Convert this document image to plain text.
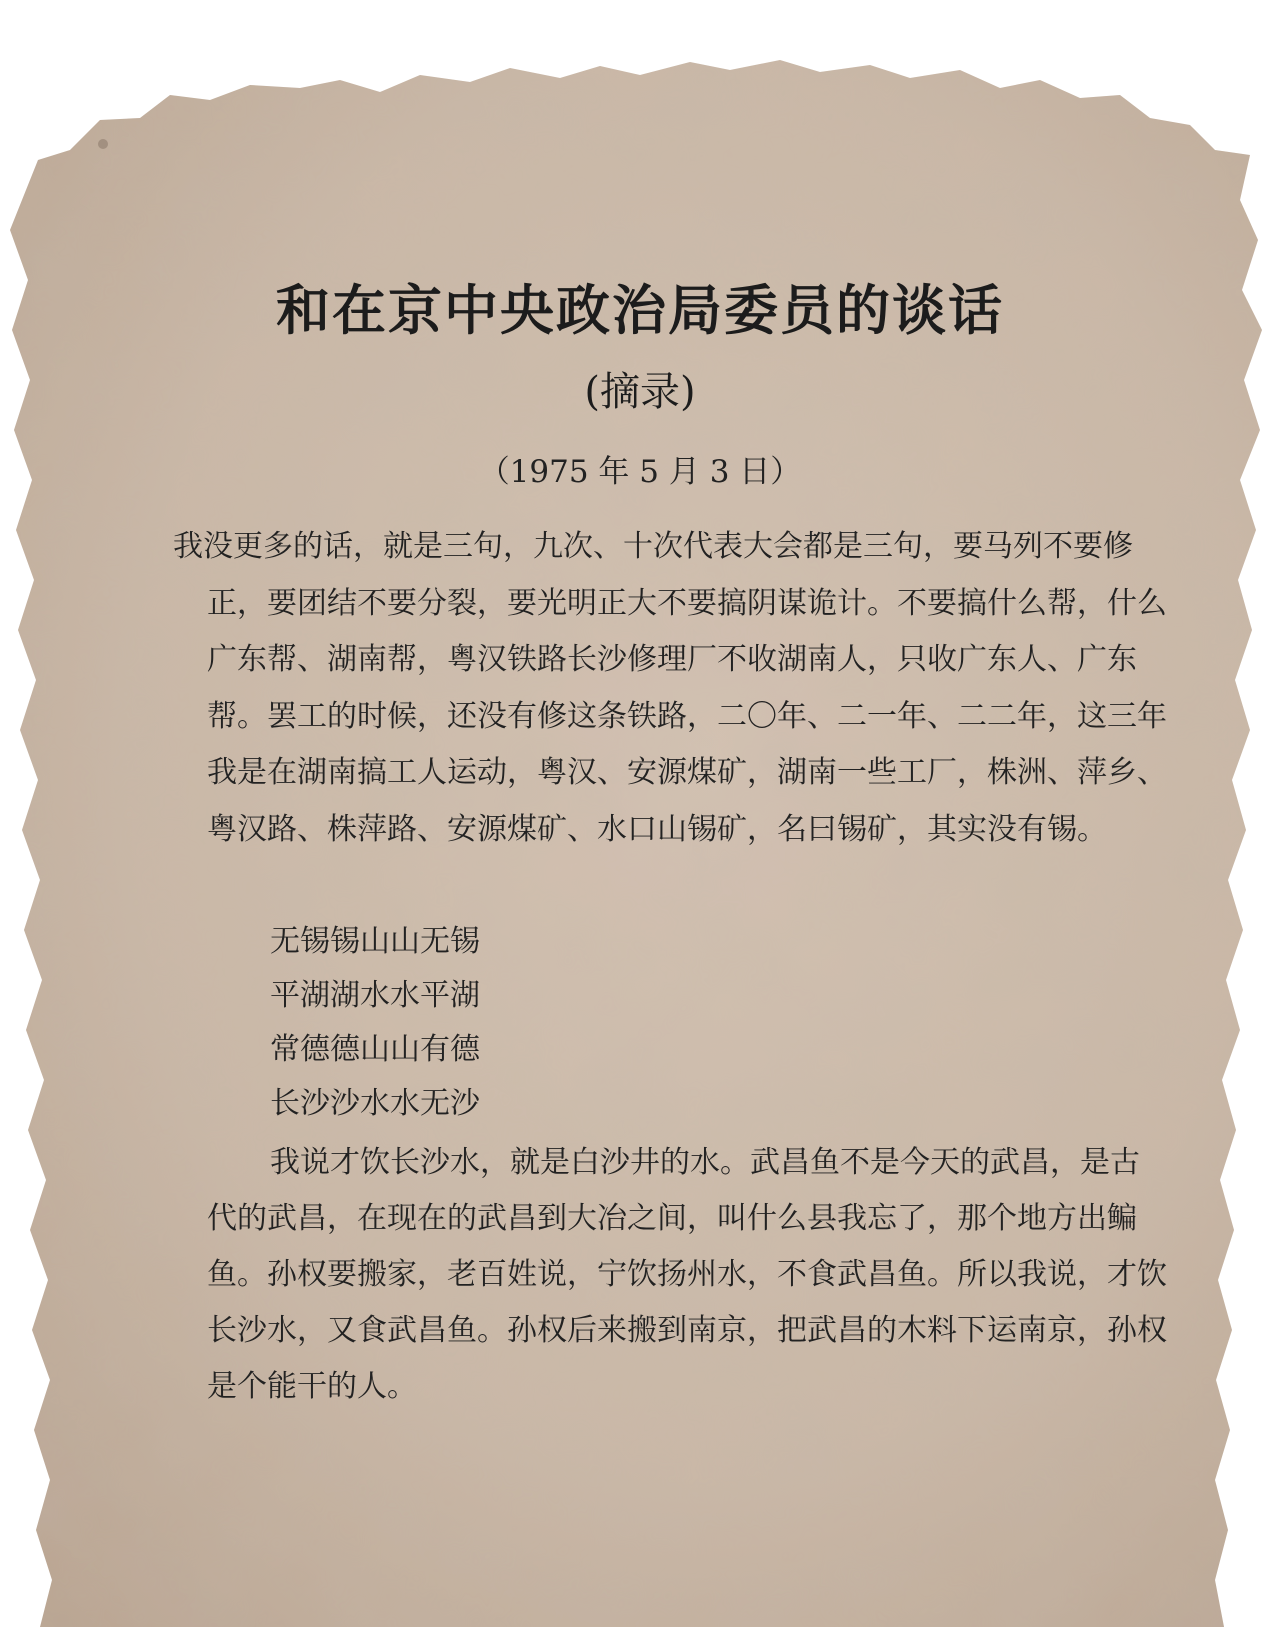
和在京中央政治局委员的谈话

(摘录)

（1975 年 5 月 3 日）

我没更多的话，就是三句，九次、十次代表大会都是三句，要马列不要修正，要团结不要分裂，要光明正大不要搞阴谋诡计。不要搞什么帮，什么广东帮、湖南帮，粤汉铁路长沙修理厂不收湖南人，只收广东人、广东帮。罢工的时候，还没有修这条铁路，二〇年、二一年、二二年，这三年我是在湖南搞工人运动，粤汉、安源煤矿，湖南一些工厂，株洲、萍乡、粤汉路、株萍路、安源煤矿、水口山锡矿，名曰锡矿，其实没有锡。

无锡锡山山无锡
平湖湖水水平湖
常德德山山有德
长沙沙水水无沙

我说才饮长沙水，就是白沙井的水。武昌鱼不是今天的武昌，是古代的武昌，在现在的武昌到大冶之间，叫什么县我忘了，那个地方出鳊鱼。孙权要搬家，老百姓说，宁饮扬州水，不食武昌鱼。所以我说，才饮长沙水，又食武昌鱼。孙权后来搬到南京，把武昌的木料下运南京，孙权是个能干的人。
